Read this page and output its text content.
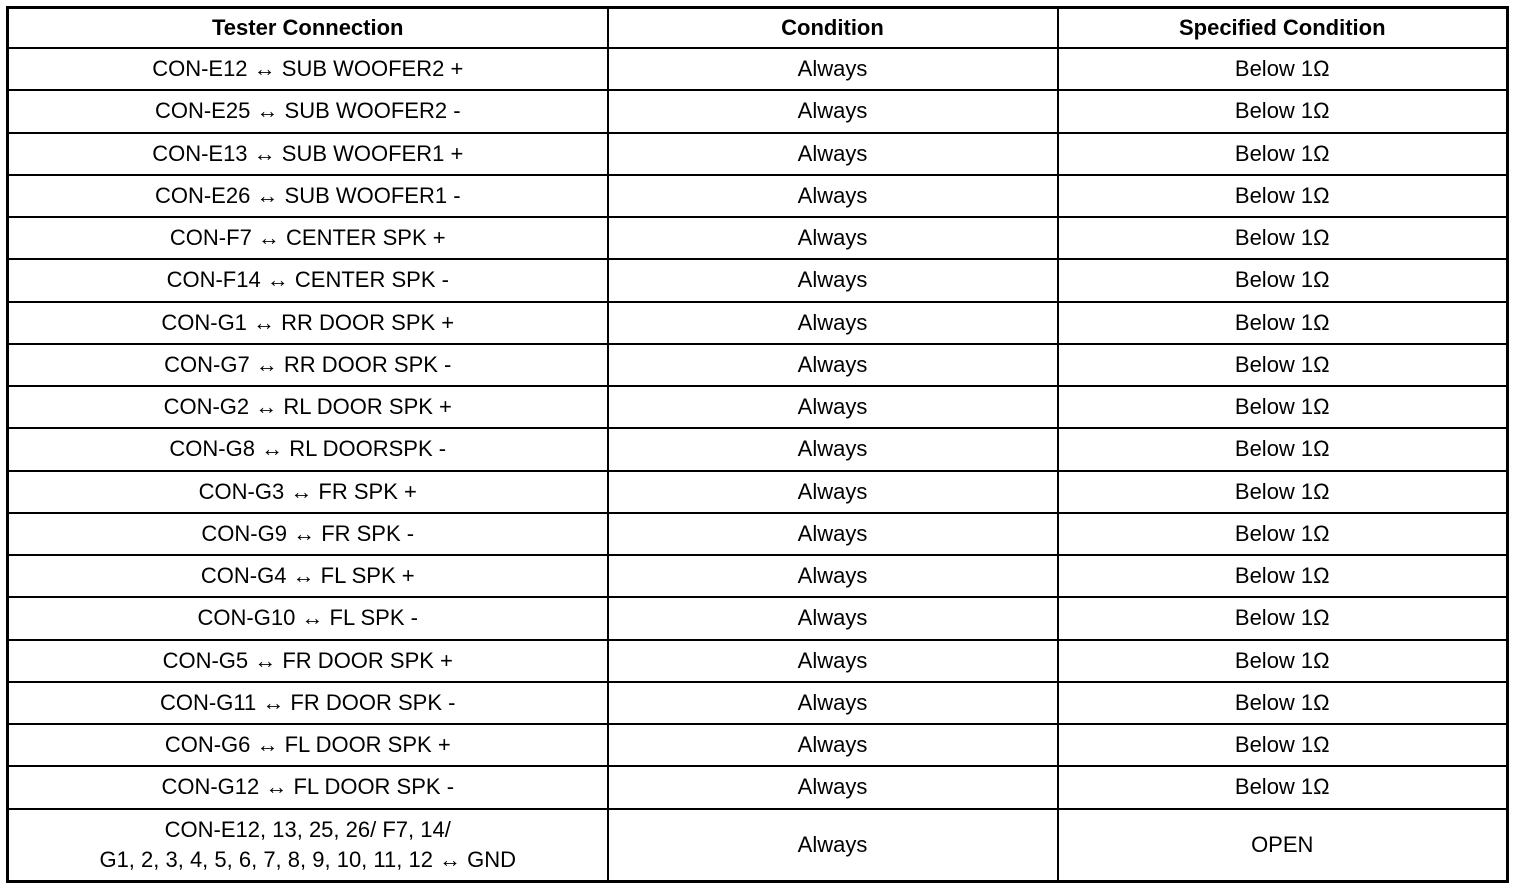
Tester Connection	Condition	Specified Condition
CON-E12 ↔ SUB WOOFER2 +	Always	Below 1Ω
CON-E25 ↔ SUB WOOFER2 -	Always	Below 1Ω
CON-E13 ↔ SUB WOOFER1 +	Always	Below 1Ω
CON-E26 ↔ SUB WOOFER1 -	Always	Below 1Ω
CON-F7 ↔ CENTER SPK +	Always	Below 1Ω
CON-F14 ↔ CENTER SPK -	Always	Below 1Ω
CON-G1 ↔ RR DOOR SPK +	Always	Below 1Ω
CON-G7 ↔ RR DOOR SPK -	Always	Below 1Ω
CON-G2 ↔ RL DOOR SPK +	Always	Below 1Ω
CON-G8 ↔ RL DOORSPK -	Always	Below 1Ω
CON-G3 ↔ FR SPK +	Always	Below 1Ω
CON-G9 ↔ FR SPK -	Always	Below 1Ω
CON-G4 ↔ FL SPK +	Always	Below 1Ω
CON-G10 ↔ FL SPK -	Always	Below 1Ω
CON-G5 ↔ FR DOOR SPK +	Always	Below 1Ω
CON-G11 ↔ FR DOOR SPK -	Always	Below 1Ω
CON-G6 ↔ FL DOOR SPK +	Always	Below 1Ω
CON-G12 ↔ FL DOOR SPK -	Always	Below 1Ω

CON-E12, 13, 25, 26/ F7, 14/
G1, 2, 3, 4, 5, 6, 7, 8, 9, 10, 11, 12 ↔ GND	Always	OPEN
